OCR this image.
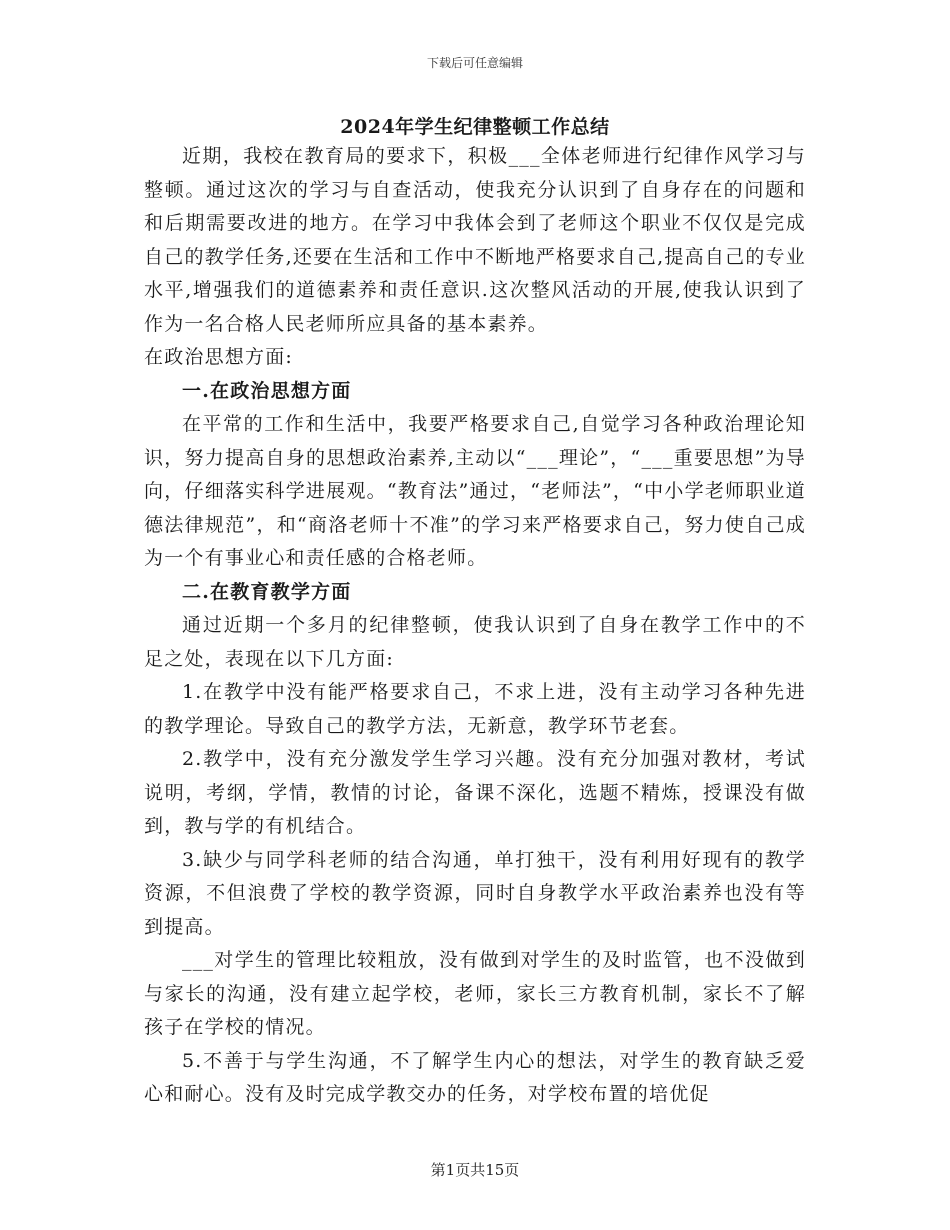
下载后可任意编辑
2024年学生纪律整顿工作总结

近期，我校在教育局的要求下，积极___全体老师进行纪律作风学习与整顿。通过这次的学习与自查活动，使我充分认识到了自身存在的问题和和后期需要改进的地方。在学习中我体会到了老师这个职业不仅仅是完成自己的教学任务,还要在生活和工作中不断地严格要求自己,提高自己的专业水平,增强我们的道德素养和责任意识.这次整风活动的开展,使我认识到了作为一名合格人民老师所应具备的基本素养。

在政治思想方面:

一.在政治思想方面

在平常的工作和生活中，我要严格要求自己,自觉学习各种政治理论知识，努力提高自身的思想政治素养,主动以“___理论”，“___重要思想”为导向，仔细落实科学进展观。“教育法”通过，“老师法”，“中小学老师职业道德法律规范”，和“商洛老师十不准”的学习来严格要求自己，努力使自己成为一个有事业心和责任感的合格老师。

二.在教育教学方面

通过近期一个多月的纪律整顿，使我认识到了自身在教学工作中的不足之处，表现在以下几方面:

1.在教学中没有能严格要求自己，不求上进，没有主动学习各种先进的教学理论。导致自己的教学方法，无新意，教学环节老套。

2.教学中，没有充分激发学生学习兴趣。没有充分加强对教材，考试说明，考纲，学情，教情的讨论，备课不深化，选题不精炼，授课没有做到，教与学的有机结合。

3.缺少与同学科老师的结合沟通，单打独干，没有利用好现有的教学资源，不但浪费了学校的教学资源，同时自身教学水平政治素养也没有等到提高。

___对学生的管理比较粗放，没有做到对学生的及时监管，也不没做到与家长的沟通，没有建立起学校，老师，家长三方教育机制，家长不了解孩子在学校的情况。

5.不善于与学生沟通，不了解学生内心的想法，对学生的教育缺乏爱心和耐心。没有及时完成学教交办的任务，对学校布置的培优促

第1页共15页
